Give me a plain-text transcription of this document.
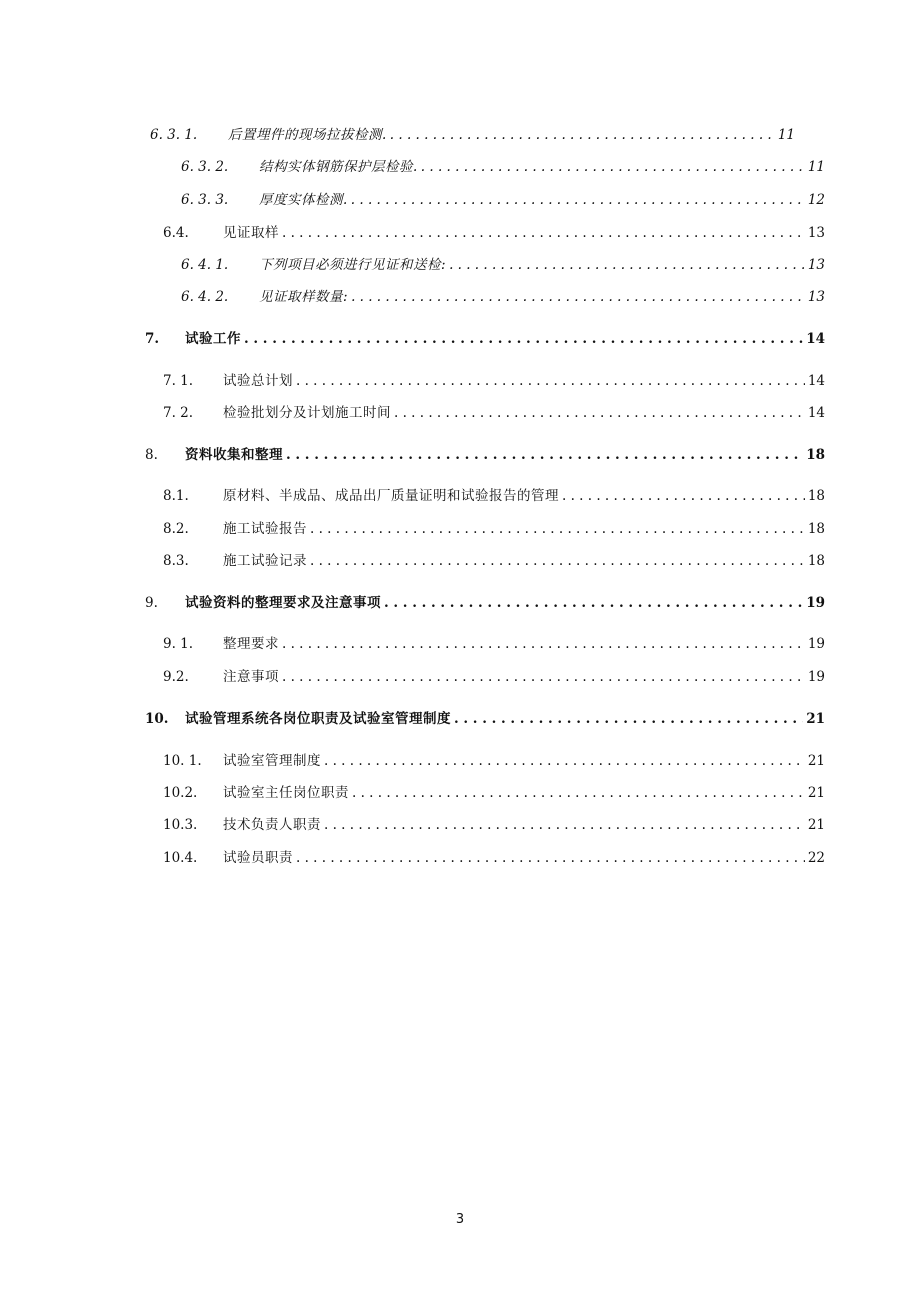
6. 3. 1.	后置埋件的现场拉拔检测. . . .	11
6. 3. 2.	结构实体钢筋保护层检验. . . .	11
6. 3. 3.	厚度实体检测. . . .	12
6.4.	见证取样 . . .	13
6. 4. 1.	下列项目必须进行见证和送检: . . .	13
6. 4. 2.	见证取样数量: . . .	13
7.	试验工作 . . .	14
7. 1.	试验总计划 . . .	14
7. 2.	检验批划分及计划施工时间 . . .	14
8.	资料收集和整理 . . .	18
8.1.	原材料、半成品、成品出厂质量证明和试验报告的管理 . . .	18
8.2.	施工试验报告 . . .	18
8.3.	施工试验记录 . . .	18
9.	试验资料的整理要求及注意事项 . . .	19
9. 1.	整理要求 . . .	19
9.2.	注意事项 . . .	19
10.	试验管理系统各岗位职责及试验室管理制度 . . .	21
10. 1.	试验室管理制度 . . .	21
10.2.	试验室主任岗位职责 . . .	21
10.3.	技术负责人职责 . . .	21
10.4.	试验员职责 . . .	22
3
